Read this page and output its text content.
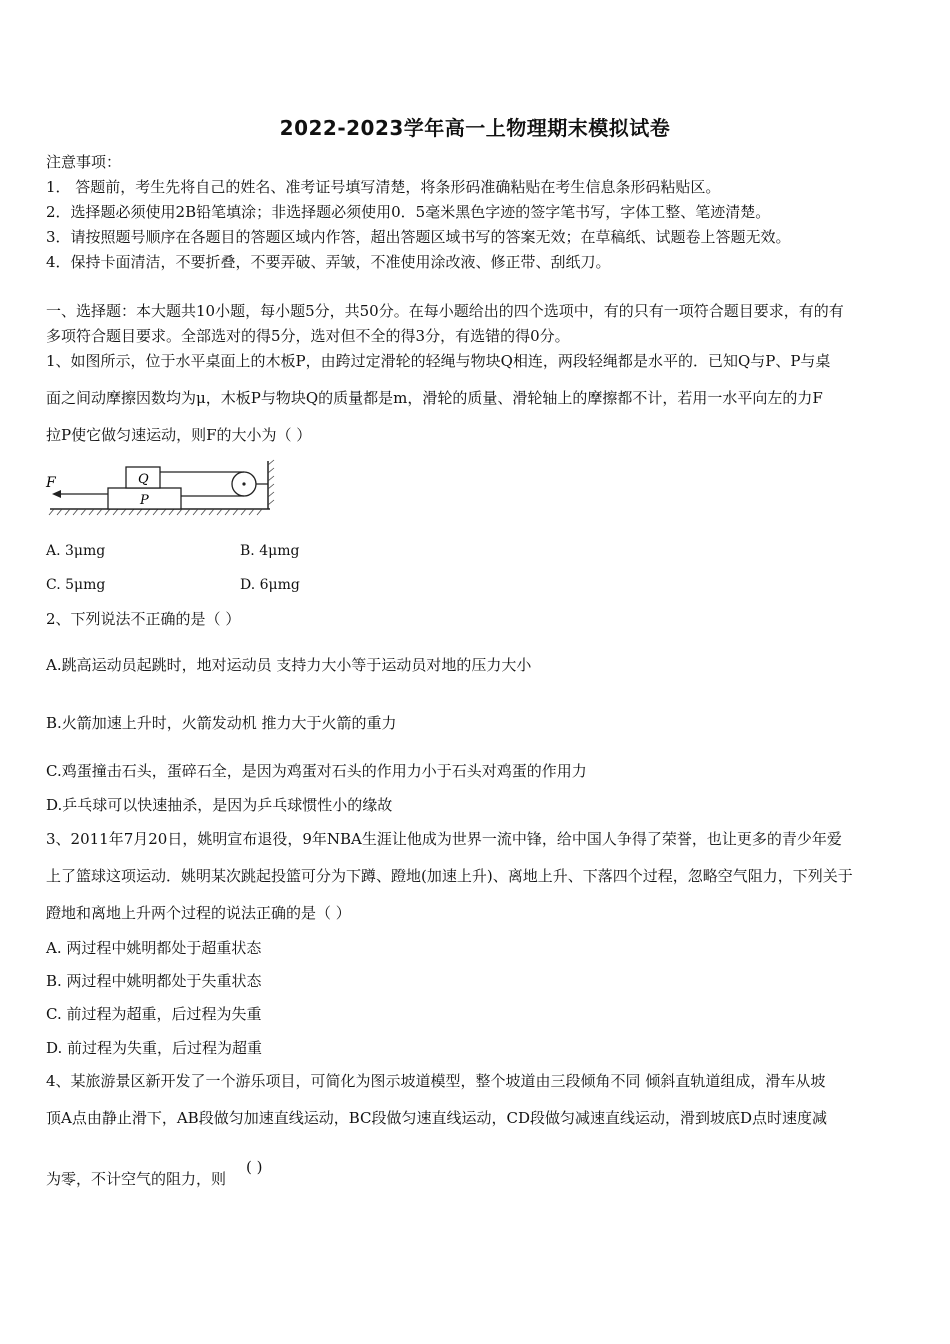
2022-2023学年高一上物理期末模拟试卷
注意事项：
1． 答题前，考生先将自己的姓名、准考证号填写清楚，将条形码准确粘贴在考生信息条形码粘贴区。
2．选择题必须使用2B铅笔填涂；非选择题必须使用0．5毫米黑色字迹的签字笔书写，字体工整、笔迹清楚。
3．请按照题号顺序在各题目的答题区域内作答，超出答题区域书写的答案无效；在草稿纸、试题卷上答题无效。
4．保持卡面清洁，不要折叠，不要弄破、弄皱，不准使用涂改液、修正带、刮纸刀。
一、选择题：本大题共10小题，每小题5分，共50分。在每小题给出的四个选项中，有的只有一项符合题目要求，有的有
多项符合题目要求。全部选对的得5分，选对但不全的得3分，有选错的得0分。
1、如图所示，位于水平桌面上的木板P，由跨过定滑轮的轻绳与物块Q相连，两段轻绳都是水平的．已知Q与P、P与桌
面之间动摩擦因数均为μ，木板P与物块Q的质量都是m，滑轮的质量、滑轮轴上的摩擦都不计，若用一水平向左的力F
拉P使它做匀速运动，则F的大小为（ ）
F	Q
P
A. 3μmg	B. 4μmg
C. 5μmg	D. 6μmg
2、下列说法不正确的是（ ）
A.跳高运动员起跳时，地对运动员 支持力大小等于运动员对地的压力大小
B.火箭加速上升时，火箭发动机 推力大于火箭的重力
C.鸡蛋撞击石头，蛋碎石全，是因为鸡蛋对石头的作用力小于石头对鸡蛋的作用力
D.乒乓球可以快速抽杀，是因为乒乓球惯性小的缘故
3、2011年7月20日，姚明宣布退役，9年NBA生涯让他成为世界一流中锋，给中国人争得了荣誉，也让更多的青少年爱
上了篮球这项运动．姚明某次跳起投篮可分为下蹲、蹬地(加速上升)、离地上升、下落四个过程，忽略空气阻力，下列关于
蹬地和离地上升两个过程的说法正确的是（ ）
A. 两过程中姚明都处于超重状态
B. 两过程中姚明都处于失重状态
C. 前过程为超重，后过程为失重
D. 前过程为失重，后过程为超重
4、某旅游景区新开发了一个游乐项目，可简化为图示坡道模型，整个坡道由三段倾角不同 倾斜直轨道组成，滑车从坡
顶A点由静止滑下，AB段做匀加速直线运动，BC段做匀速直线运动，CD段做匀减速直线运动，滑到坡底D点时速度减
为零，不计空气的阻力，则
( )
